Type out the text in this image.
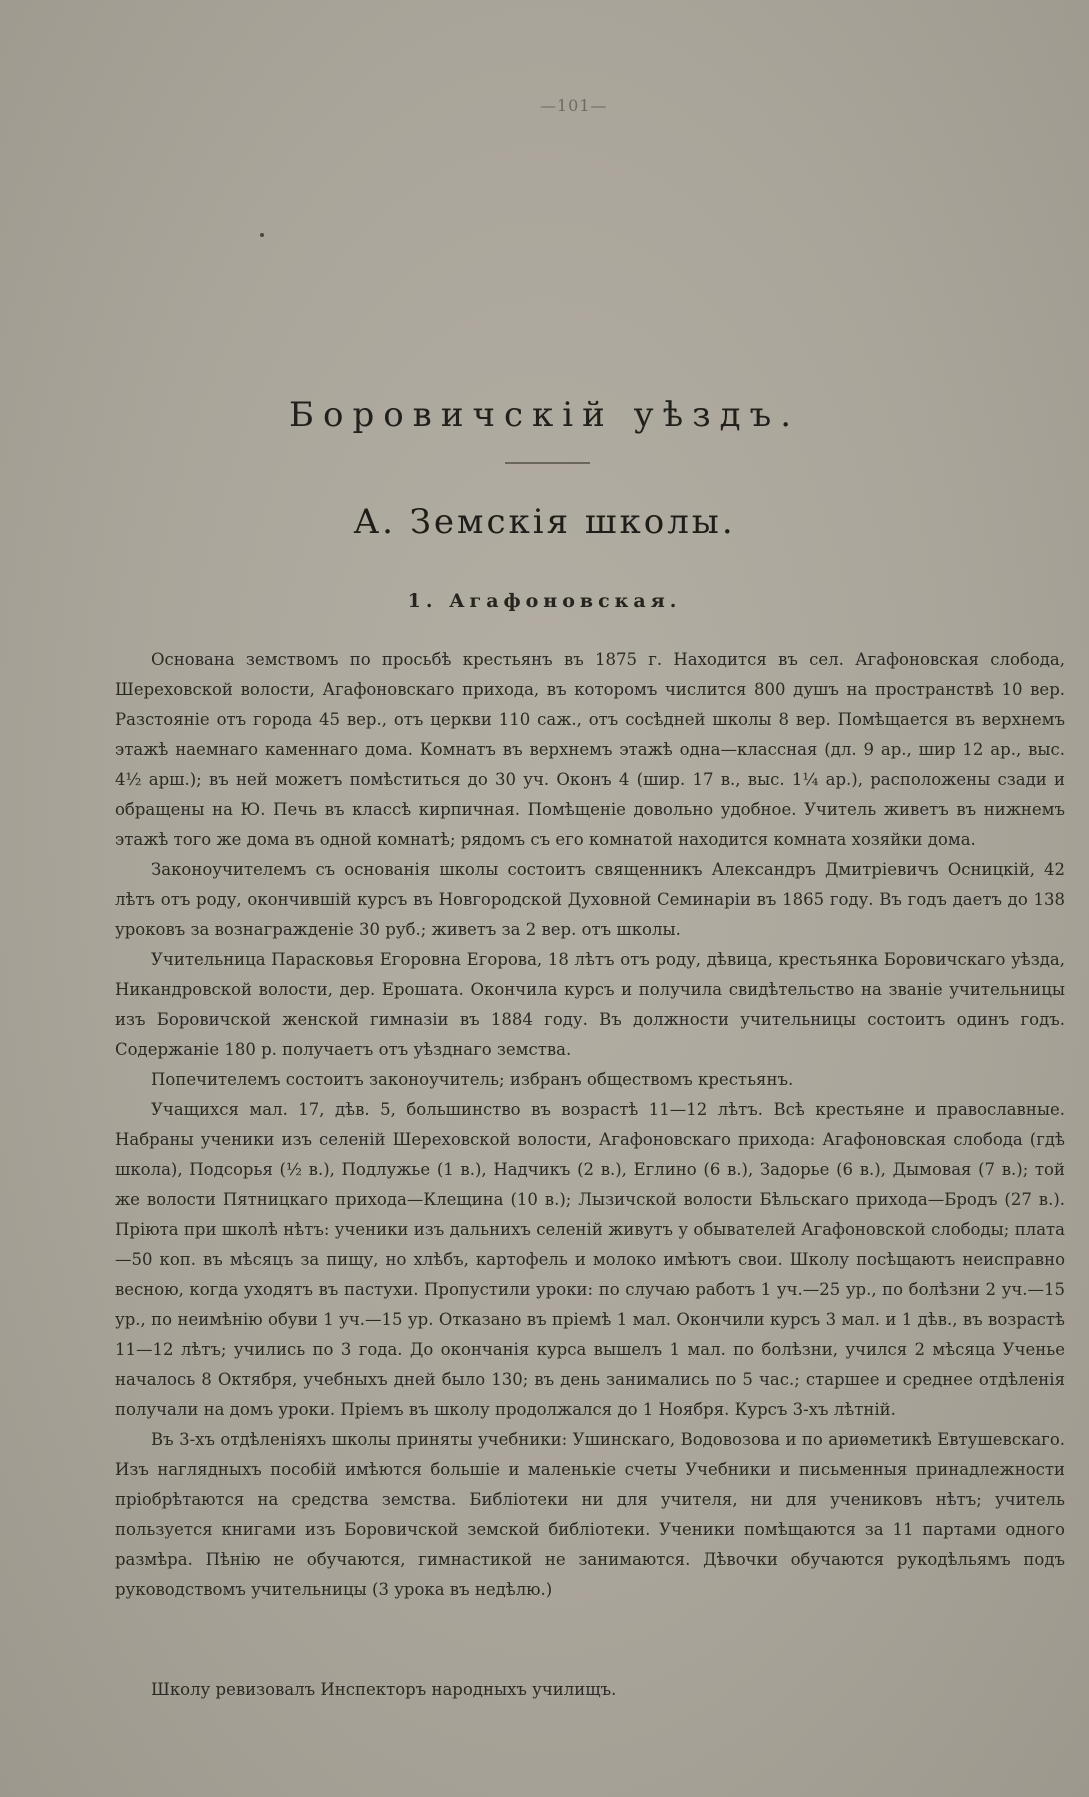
—101—
Боровичскій уѣздъ.
А. Земскія школы.
1. Агафоновская.

Основана земствомъ по просьбѣ крестьянъ въ 1875 г. Находится въ сел. Агафоновская слобода, Шереховской волости, Агафоновскаго прихода, въ которомъ числится 800 душъ на пространствѣ 10 вер. Разстояніе отъ города 45 вер., отъ церкви 110 саж., отъ сосѣдней школы 8 вер. Помѣщается въ верхнемъ этажѣ наемнаго каменнаго дома. Комнатъ въ верхнемъ этажѣ одна—классная (дл. 9 ар., шир 12 ар., выс. 4½ арш.); въ ней можетъ помѣститься до 30 уч. Оконъ 4 (шир. 17 в., выс. 1¼ ар.), расположены сзади и обращены на Ю. Печь въ классѣ кирпичная. Помѣщеніе довольно удобное. Учитель живетъ въ нижнемъ этажѣ того же дома въ одной комнатѣ; рядомъ съ его комнатой находится комната хозяйки дома.

Законоучителемъ съ основанія школы состоитъ священникъ Александръ Дмитріевичъ Осницкій, 42 лѣтъ отъ роду, окончившій курсъ въ Новгородской Духовной Семинаріи въ 1865 году. Въ годъ даетъ до 138 уроковъ за вознагражденіе 30 руб.; живетъ за 2 вер. отъ школы.

Учительница Парасковья Егоровна Егорова, 18 лѣтъ отъ роду, дѣвица, крестьянка Боровичскаго уѣзда, Никандровской волости, дер. Ерошата. Окончила курсъ и получила свидѣтельство на званіе учительницы изъ Боровичской женской гимназіи въ 1884 году. Въ должности учительницы состоитъ одинъ годъ. Содержаніе 180 р. получаетъ отъ уѣзднаго земства.

Попечителемъ состоитъ законоучитель; избранъ обществомъ крестьянъ.

Учащихся мал. 17, дѣв. 5, большинство въ возрастѣ 11—12 лѣтъ. Всѣ крестьяне и православные. Набраны ученики изъ селеній Шереховской волости, Агафоновскаго прихода: Агафоновская слобода (гдѣ школа), Подсорья (½ в.), Подлужье (1 в.), Надчикъ (2 в.), Еглино (6 в.), Задорье (6 в.), Дымовая (7 в.); той же волости Пятницкаго прихода—Клещина (10 в.); Лызичской волости Бѣльскаго прихода—Бродъ (27 в.). Пріюта при школѣ нѣтъ: ученики изъ дальнихъ селеній живутъ у обывателей Агафоновской слободы; плата—50 коп. въ мѣсяцъ за пищу, но хлѣбъ, картофель и молоко имѣютъ свои. Школу посѣщаютъ неисправно весною, когда уходятъ въ пастухи. Пропустили уроки: по случаю работъ 1 уч.—25 ур., по болѣзни 2 уч.—15 ур., по неимѣнію обуви 1 уч.—15 ур. Отказано въ пріемѣ 1 мал. Окончили курсъ 3 мал. и 1 дѣв., въ возрастѣ 11—12 лѣтъ; учились по 3 года. До окончанія курса вышелъ 1 мал. по болѣзни, учился 2 мѣсяца Ученье началось 8 Октября, учебныхъ дней было 130; въ день занимались по 5 час.; старшее и среднее отдѣленія получали на домъ уроки. Пріемъ въ школу продолжался до 1 Ноября. Курсъ 3-хъ лѣтній.

Въ 3-хъ отдѣленіяхъ школы приняты учебники: Ушинскаго, Водовозова и по ариѳметикѣ Евтушевскаго. Изъ наглядныхъ пособій имѣются большіе и маленькіе счеты Учебники и письменныя принадлежности пріобрѣтаются на средства земства. Библіотеки ни для учителя, ни для учениковъ нѣтъ; учитель пользуется книгами изъ Боровичской земской библіотеки. Ученики помѣщаются за 11 партами одного размѣра. Пѣнію не обучаются, гимнастикой не занимаются. Дѣвочки обучаются рукодѣльямъ подъ руководствомъ учительницы (3 урока въ недѣлю.)

Школу ревизовалъ Инспекторъ народныхъ училищъ.
